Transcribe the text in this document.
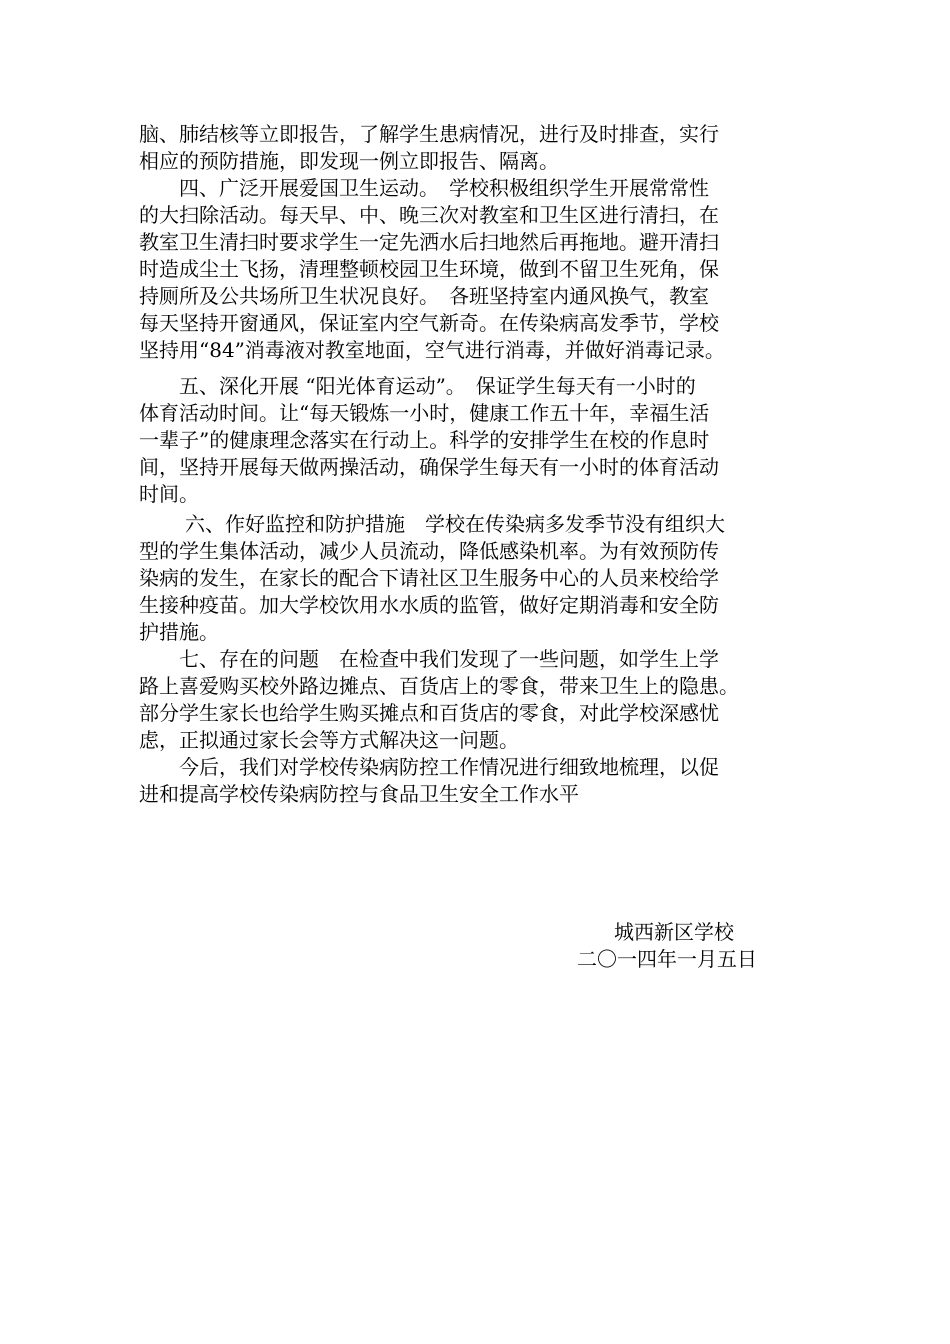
脑、肺结核等立即报告，了解学生患病情况，进行及时排查，实行
相应的预防措施，即发现一例立即报告、隔离。
　　四、广泛开展爱国卫生运动。　学校积极组织学生开展常常性
的大扫除活动。每天早、中、晚三次对教室和卫生区进行清扫，在
教室卫生清扫时要求学生一定先洒水后扫地然后再拖地。避开清扫
时造成尘土飞扬，清理整顿校园卫生环境，做到不留卫生死角，保
持厕所及公共场所卫生状况良好。　各班坚持室内通风换气，教室
每天坚持开窗通风，保证室内空气新奇。在传染病高发季节，学校
坚持用“84”消毒液对教室地面，空气进行消毒，并做好消毒记录。
　　五、深化开展 “阳光体育运动”。　保证学生每天有一小时的
体育活动时间。让“每天锻炼一小时，健康工作五十年，幸福生活
一辈子”的健康理念落实在行动上。科学的安排学生在校的作息时
间，坚持开展每天做两操活动，确保学生每天有一小时的体育活动
时间。
　　六、作好监控和防护措施　学校在传染病多发季节没有组织大
型的学生集体活动，减少人员流动，降低感染机率。为有效预防传
染病的发生，在家长的配合下请社区卫生服务中心的人员来校给学
生接种疫苗。加大学校饮用水水质的监管，做好定期消毒和安全防
护措施。
　　七、存在的问题　在检查中我们发现了一些问题，如学生上学
路上喜爱购买校外路边摊点、百货店上的零食，带来卫生上的隐患。
部分学生家长也给学生购买摊点和百货店的零食，对此学校深感忧
虑，正拟通过家长会等方式解决这一问题。
　　今后，我们对学校传染病防控工作情况进行细致地梳理，以促
进和提高学校传染病防控与食品卫生安全工作水平
城西新区学校
二〇一四年一月五日
